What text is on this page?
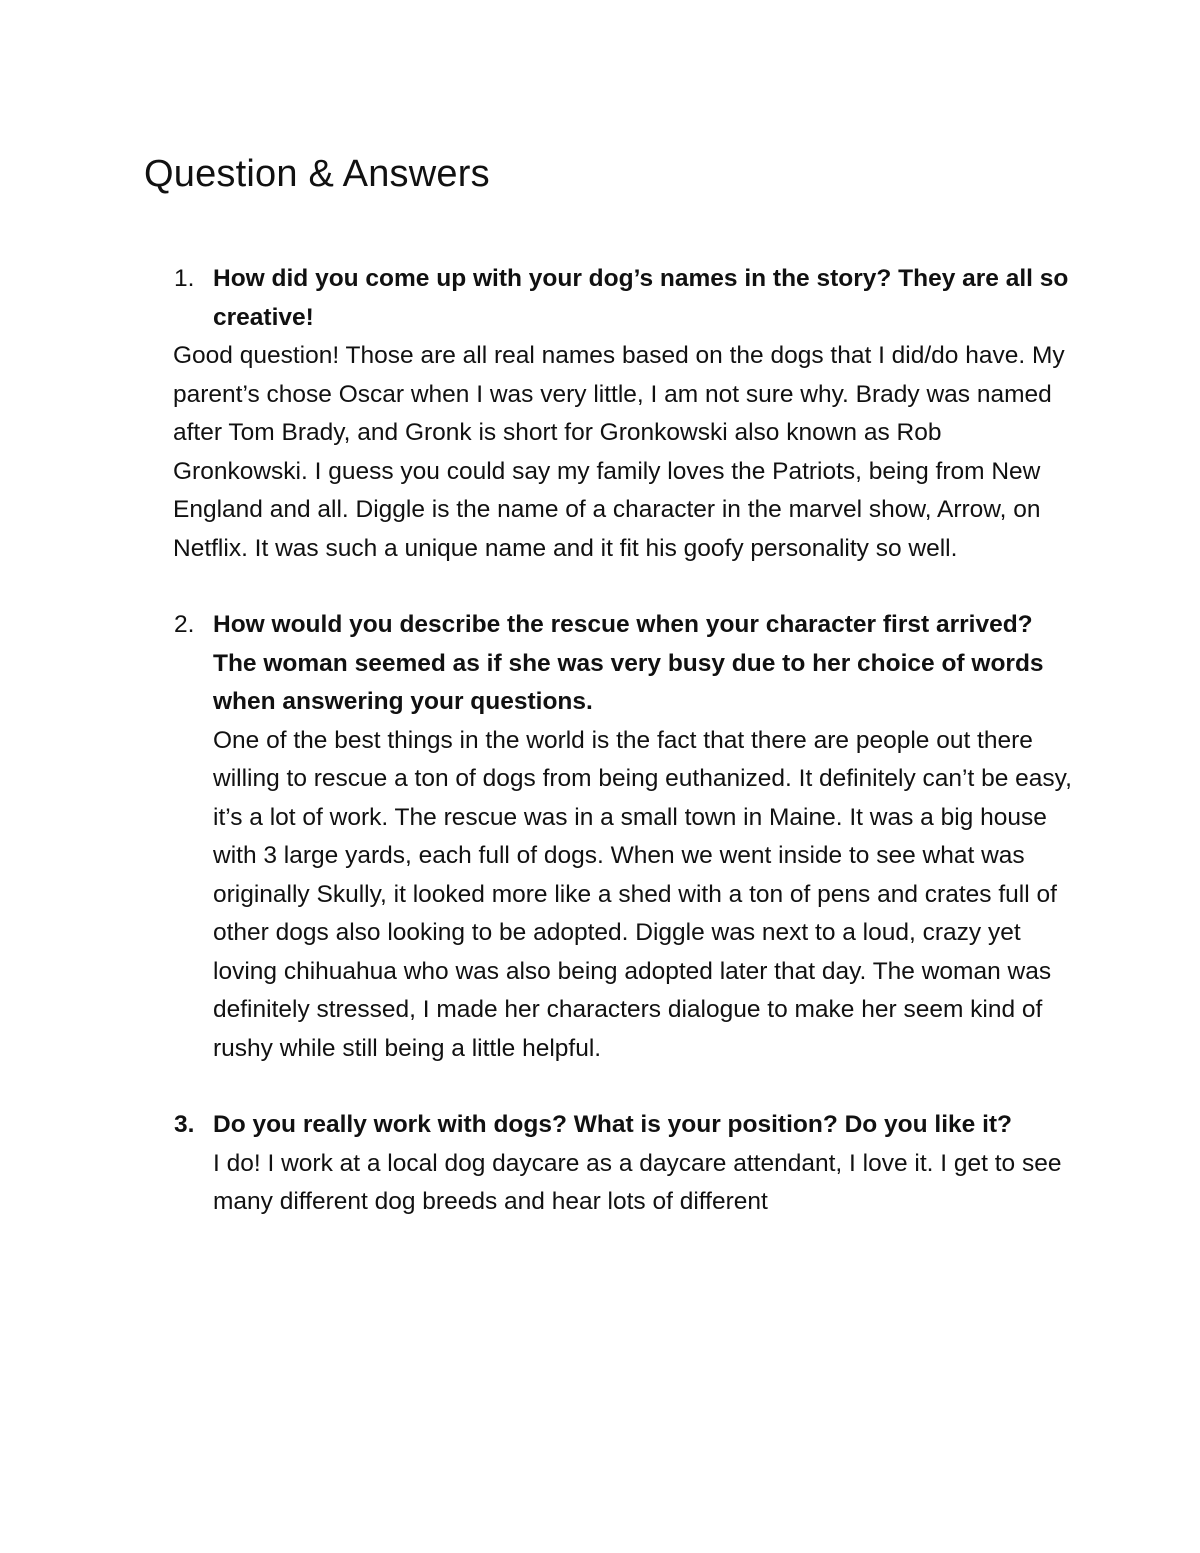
Question & Answers
1. How did you come up with your dog’s names in the story? They are all so creative!
Good question! Those are all real names based on the dogs that I did/do have. My parent’s chose Oscar when I was very little, I am not sure why. Brady was named after Tom Brady, and Gronk is short for Gronkowski also known as Rob Gronkowski. I guess you could say my family loves the Patriots, being from New England and all. Diggle is the name of a character in the marvel show, Arrow, on Netflix. It was such a unique name and it fit his goofy personality so well.
2. How would you describe the rescue when your character first arrived? The woman seemed as if she was very busy due to her choice of words when answering your questions.
One of the best things in the world is the fact that there are people out there willing to rescue a ton of dogs from being euthanized. It definitely can’t be easy, it’s a lot of work. The rescue was in a small town in Maine. It was a big house with 3 large yards, each full of dogs. When we went inside to see what was originally Skully, it looked more like a shed with a ton of pens and crates full of other dogs also looking to be adopted. Diggle was next to a loud, crazy yet loving chihuahua who was also being adopted later that day. The woman was definitely stressed, I made her characters dialogue to make her seem kind of rushy while still being a little helpful.
3. Do you really work with dogs? What is your position? Do you like it?
I do! I work at a local dog daycare as a daycare attendant, I love it. I get to see many different dog breeds and hear lots of different
